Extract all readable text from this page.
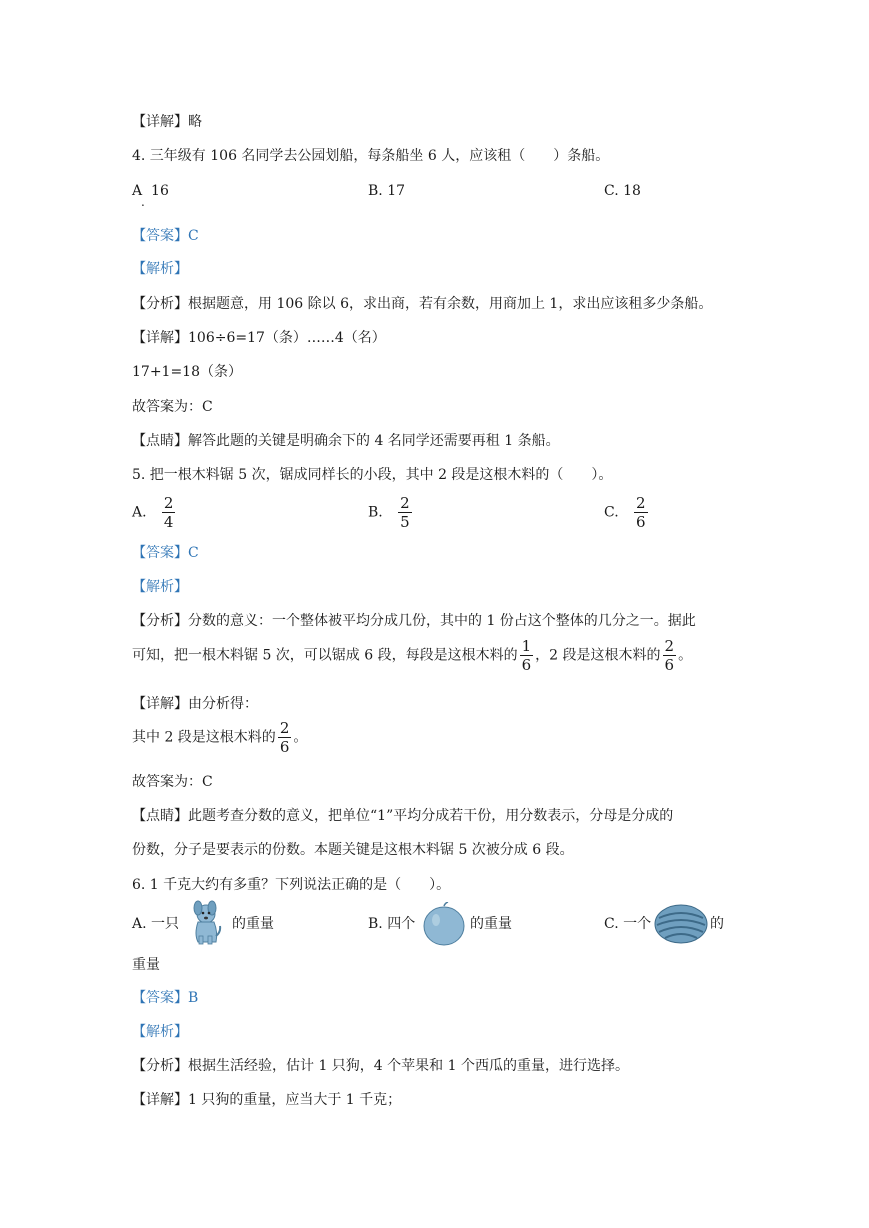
【详解】略
4. 三年级有 106 名同学去公园划船，每条船坐 6 人，应该租（　　）条船。
A
.
16	B. 17	C. 18
【答案】C
【解析】
【分析】根据题意，用 106 除以 6，求出商，若有余数，用商加上 1，求出应该租多少条船。
【详解】106÷6=17（条）……4（名）
17+1=18（条）
故答案为：C
【点睛】解答此题的关键是明确余下的 4 名同学还需要再租 1 条船。
5. 把一根木料锯 5 次，锯成同样长的小段，其中 2 段是这根木料的（　　）。
A. $\frac{2}{4}$	B. $\frac{2}{5}$	C. $\frac{2}{6}$
【答案】C
【解析】
【分析】分数的意义：一个整体被平均分成几份，其中的 1 份占这个整体的几分之一。据此
可知，把一根木料锯 5 次，可以锯成 6 段，每段是这根木料的 $\frac{1}{6}$ ，2 段是这根木料的 $\frac{2}{6}$ 。
【详解】由分析得：
其中 2 段是这根木料的 $\frac{2}{6}$ 。
故答案为：C
【点睛】此题考查分数的意义，把单位“1”平均分成若干份，用分数表示，分母是分成的
份数，分子是要表示的份数。本题关键是这根木料锯 5 次被分成 6 段。
6. 1 千克大约有多重？下列说法正确的是（　　）。
A. 一只	的重量	B. 四个	的重量	C. 一个	的
重量
【答案】B
【解析】
【分析】根据生活经验，估计 1 只狗，4 个苹果和 1 个西瓜的重量，进行选择。
【详解】1 只狗的重量，应当大于 1 千克；
